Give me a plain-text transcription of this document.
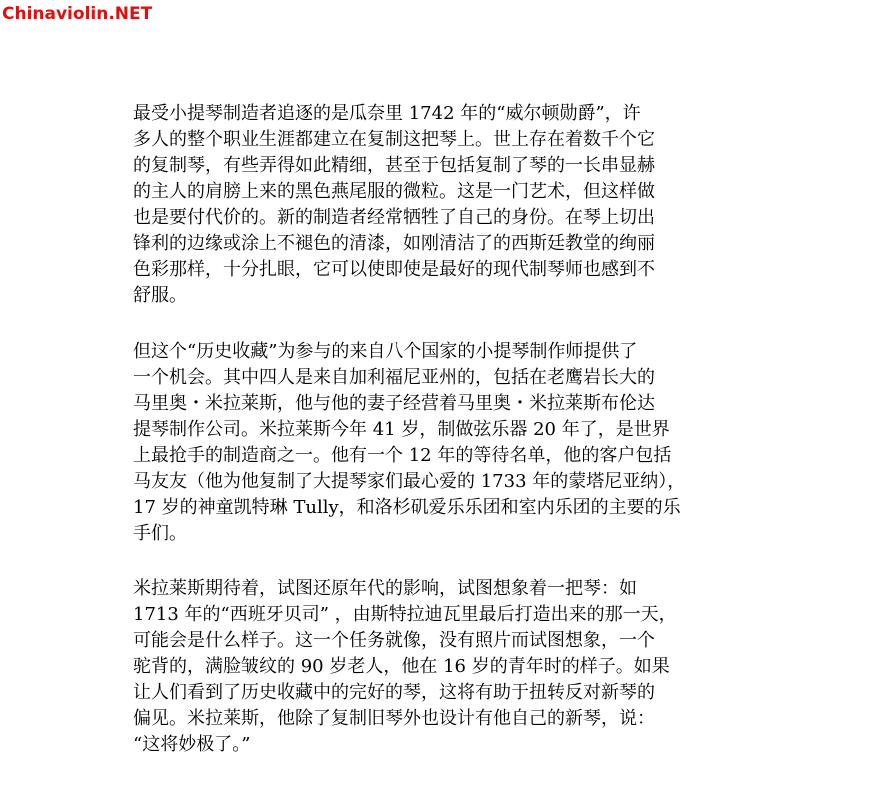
Chinaviolin.NET

最受小提琴制造者追逐的是瓜奈里 1742 年的“威尔顿勋爵”，许
多人的整个职业生涯都建立在复制这把琴上。世上存在着数千个它
的复制琴，有些弄得如此精细，甚至于包括复制了琴的一长串显赫
的主人的肩膀上来的黑色燕尾服的微粒。这是一门艺术，但这样做
也是要付代价的。新的制造者经常牺牲了自己的身份。在琴上切出
锋利的边缘或涂上不褪色的清漆，如刚清洁了的西斯廷教堂的绚丽
色彩那样，十分扎眼，它可以使即使是最好的现代制琴师也感到不
舒服。

但这个“历史收藏”为参与的来自八个国家的小提琴制作师提供了
一个机会。其中四人是来自加利福尼亚州的，包括在老鹰岩长大的
马里奥・米拉莱斯，他与他的妻子经营着马里奥・米拉莱斯布伦达
提琴制作公司。米拉莱斯今年 41 岁，制做弦乐器 20 年了，是世界
上最抢手的制造商之一。他有一个 12 年的等待名单，他的客户包括
马友友（他为他复制了大提琴家们最心爱的 1733 年的蒙塔尼亚纳），
17 岁的神童凯特琳 Tully，和洛杉矶爱乐乐团和室内乐团的主要的乐
手们。

米拉莱斯期待着，试图还原年代的影响，试图想象着一把琴：如
1713 年的“西班牙贝司” ，由斯特拉迪瓦里最后打造出来的那一天，
可能会是什么样子。这一个任务就像，没有照片而试图想象，一个
驼背的，满脸皱纹的 90 岁老人，他在 16 岁的青年时的样子。如果
让人们看到了历史收藏中的完好的琴，这将有助于扭转反对新琴的
偏见。米拉莱斯，他除了复制旧琴外也设计有他自己的新琴，说：
“这将妙极了。”
